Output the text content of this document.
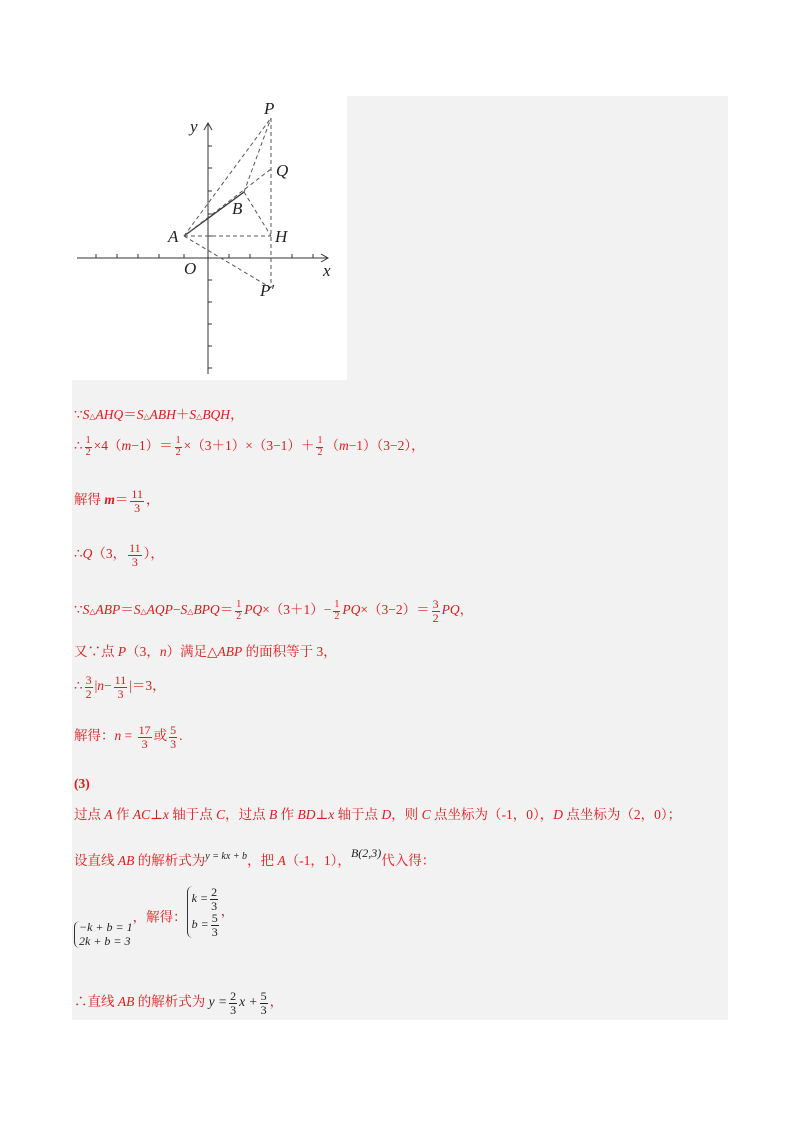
P
Q
B
A	H
O
P′
x
y
∵S△AHQ＝S△ABH＋S△BQH，
∴ $\frac{1}{2} \times 4(m-1)= \frac{1}{2} \times(3+1)\times(3-1)+ \frac{1}{2} (m-1)(3-2)$，
解得 $m= \frac{11}{3}$ ，
∴Q（3， $\frac{11}{3}$ ），
∵S△ABP＝S△AQP−S△BPQ＝ $\frac{1}{2} PQ\times(3+1)- \frac{1}{2} PQ\times(3-2)= \frac{3}{2}$ PQ，
又∵点 P（3，n）满足△ABP 的面积等于 3，
∴ $\frac{3}{2} |n- \frac{11}{3} |=3$，
解得：$n = \frac{17}{3}$ 或 $\frac{5}{3}$ .
(3)
过点 A 作 AC⊥x 轴于点 C，过点 B 作 BD⊥x 轴于点 D，则 C 点坐标为（-1，0），D 点坐标为（2，0）；
设直线 AB 的解析式为$^{y = kx + b}$，把 A（-1，1），B(2,3)代入得：
−k + b = 1
2k + b = 3
，解得：
$k = \frac{2}{3}$
$b = \frac{5}{3}$
，
∴直线 AB 的解析式为 $y = \frac{2}{3}$ $x + \frac{5}{3}$ ，
